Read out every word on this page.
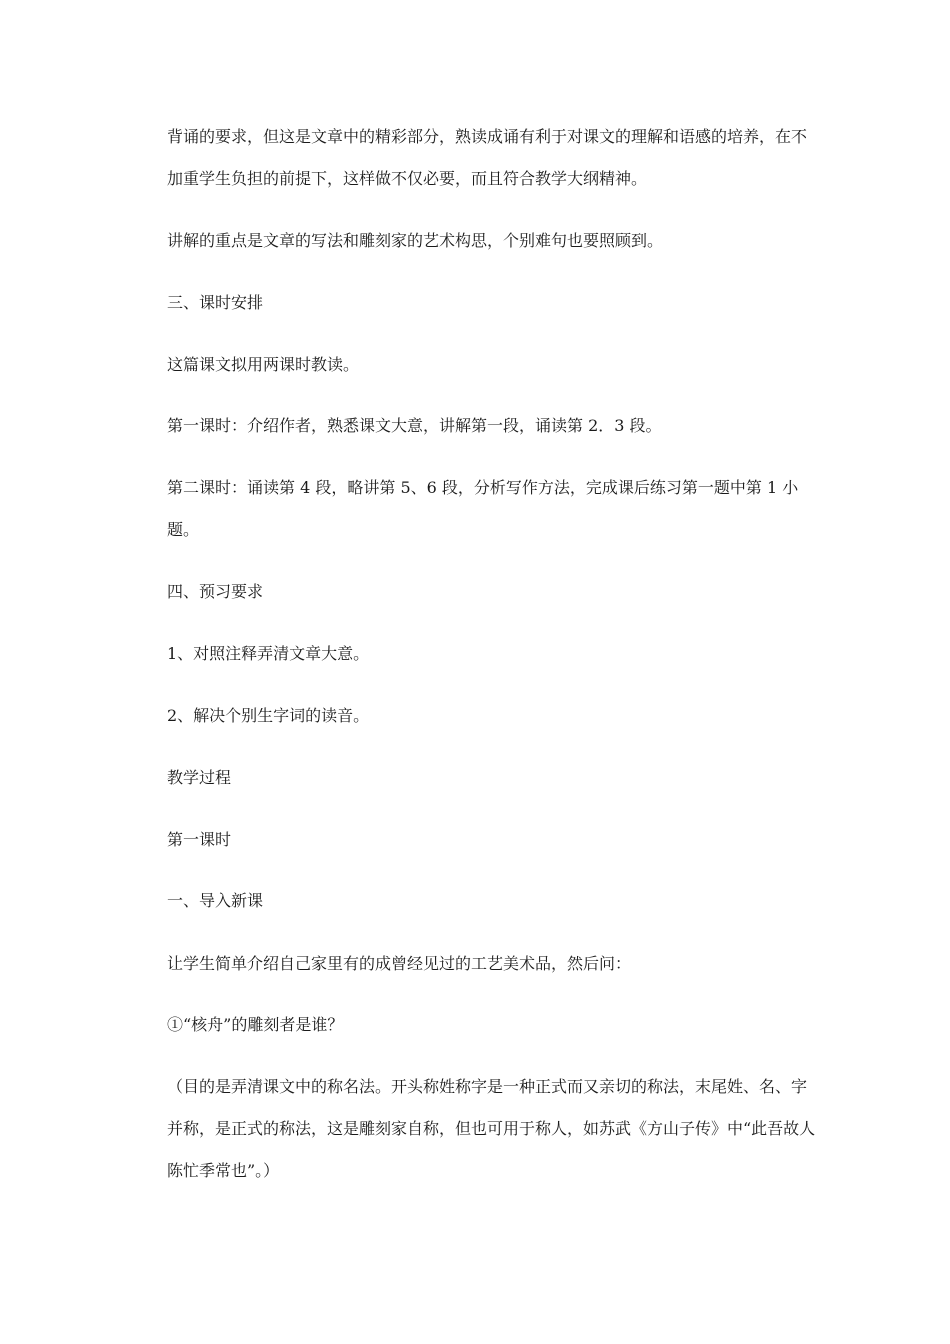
背诵的要求，但这是文章中的精彩部分，熟读成诵有利于对课文的理解和语感的培养，在不加重学生负担的前提下，这样做不仅必要，而且符合教学大纲精神。
讲解的重点是文章的写法和雕刻家的艺术构思，个别难句也要照顾到。
三、课时安排
这篇课文拟用两课时教读。
第一课时：介绍作者，熟悉课文大意，讲解第一段，诵读第 2．3 段。
第二课时：诵读第 4 段，略讲第 5、6 段，分析写作方法，完成课后练习第一题中第 1 小题。
四、预习要求
1、对照注释弄清文章大意。
2、解决个别生字词的读音。
教学过程
第一课时
一、导入新课
让学生简单介绍自己家里有的成曾经见过的工艺美术品，然后问：
①“核舟”的雕刻者是谁？
（目的是弄清课文中的称名法。开头称姓称字是一种正式而又亲切的称法，末尾姓、名、字并称，是正式的称法，这是雕刻家自称，但也可用于称人，如苏武《方山子传》中“此吾故人陈忙季常也”。）
